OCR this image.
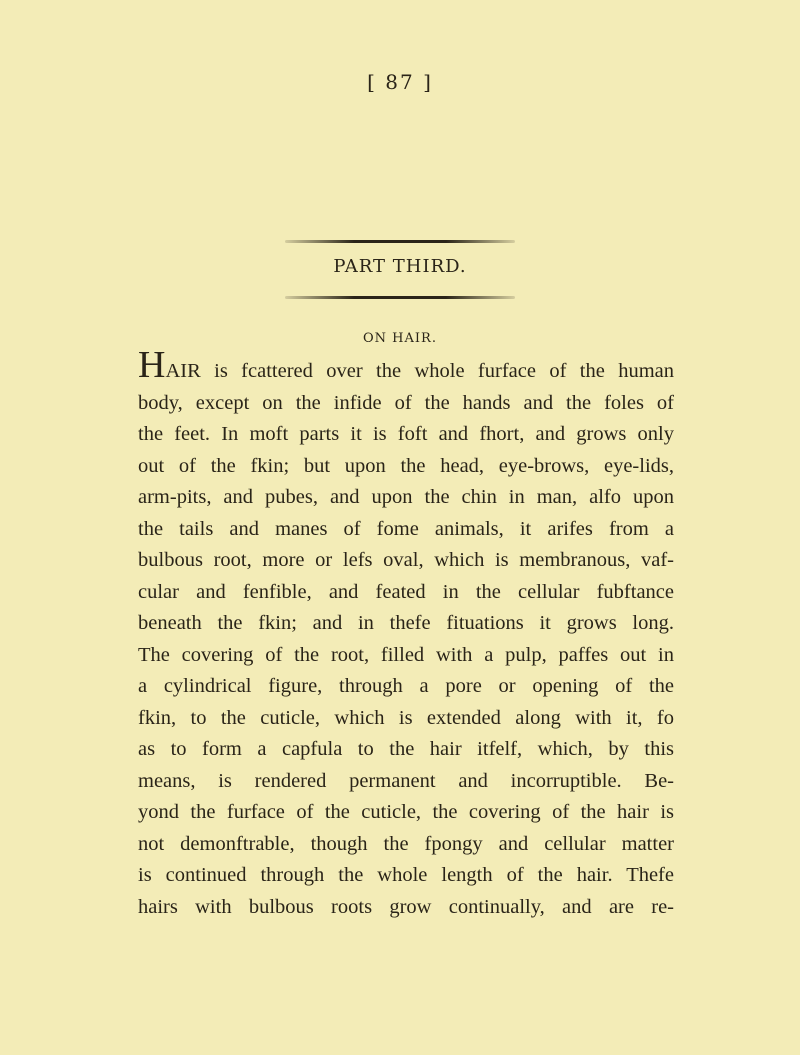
[ 87 ]
PART THIRD.
ON HAIR.
HAIR is fcattered over the whole furface of the human
body, except on the infide of the hands and the foles of
the feet. In moft parts it is foft and fhort, and grows only
out of the fkin; but upon the head, eye-brows, eye-lids,
arm-pits, and pubes, and upon the chin in man, alfo upon
the tails and manes of fome animals, it arifes from a
bulbous root, more or lefs oval, which is membranous, vaf-
cular and fenfible, and feated in the cellular fubftance
beneath the fkin; and in thefe fituations it grows long.
The covering of the root, filled with a pulp, paffes out in
a cylindrical figure, through a pore or opening of the
fkin, to the cuticle, which is extended along with it, fo
as to form a capfula to the hair itfelf, which, by this
means, is rendered permanent and incorruptible. Be-
yond the furface of the cuticle, the covering of the hair is
not demonftrable, though the fpongy and cellular matter
is continued through the whole length of the hair. Thefe
hairs with bulbous roots grow continually, and are re-
